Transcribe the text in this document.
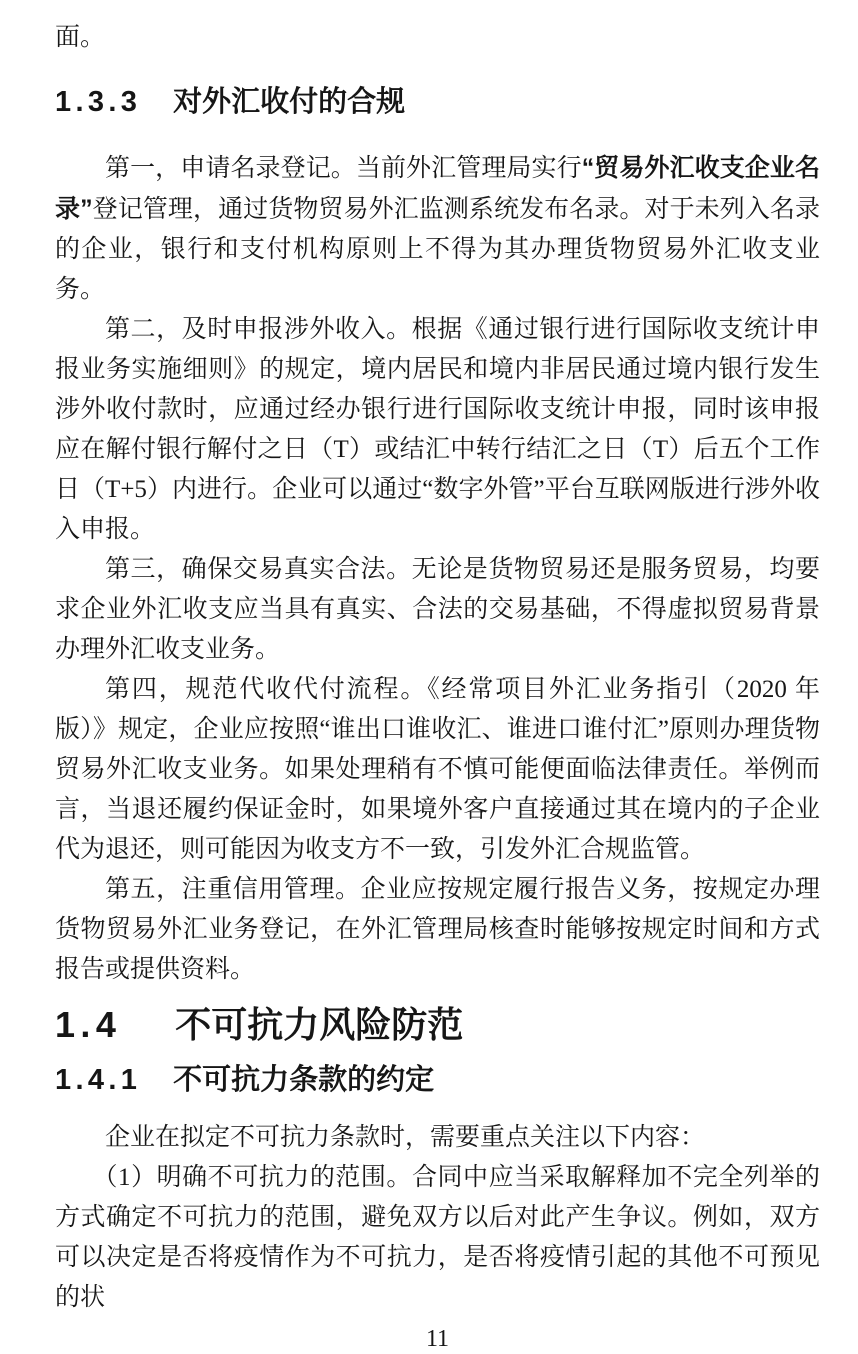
面。

1.3.3 对外汇收付的合规

第一，申请名录登记。当前外汇管理局实行“贸易外汇收支企业名录”登记管理，通过货物贸易外汇监测系统发布名录。对于未列入名录的企业，银行和支付机构原则上不得为其办理货物贸易外汇收支业务。

第二，及时申报涉外收入。根据《通过银行进行国际收支统计申报业务实施细则》的规定，境内居民和境内非居民通过境内银行发生涉外收付款时，应通过经办银行进行国际收支统计申报，同时该申报应在解付银行解付之日（T）或结汇中转行结汇之日（T）后五个工作日（T+5）内进行。企业可以通过“数字外管”平台互联网版进行涉外收入申报。

第三，确保交易真实合法。无论是货物贸易还是服务贸易，均要求企业外汇收支应当具有真实、合法的交易基础，不得虚拟贸易背景办理外汇收支业务。

第四，规范代收代付流程。《经常项目外汇业务指引（2020 年版）》规定，企业应按照“谁出口谁收汇、谁进口谁付汇”原则办理货物贸易外汇收支业务。如果处理稍有不慎可能便面临法律责任。举例而言，当退还履约保证金时，如果境外客户直接通过其在境内的子企业代为退还，则可能因为收支方不一致，引发外汇合规监管。

第五，注重信用管理。企业应按规定履行报告义务，按规定办理货物贸易外汇业务登记，在外汇管理局核查时能够按规定时间和方式报告或提供资料。

1.4 不可抗力风险防范
1.4.1 不可抗力条款的约定

企业在拟定不可抗力条款时，需要重点关注以下内容：

（1）明确不可抗力的范围。合同中应当采取解释加不完全列举的方式确定不可抗力的范围，避免双方以后对此产生争议。例如，双方可以决定是否将疫情作为不可抗力，是否将疫情引起的其他不可预见的状

11
